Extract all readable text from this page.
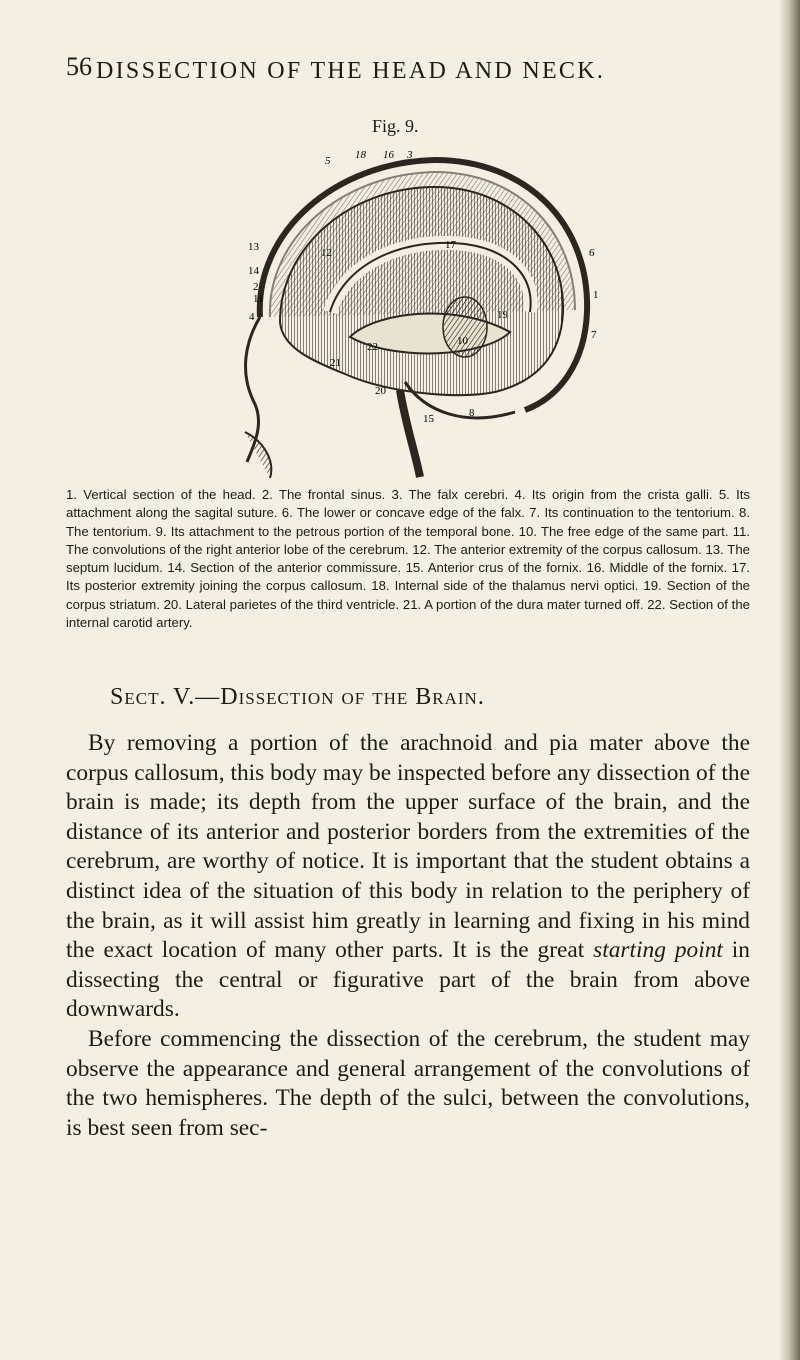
56 DISSECTION OF THE HEAD AND NECK.
Fig. 9.
5 18 16 3
13
14
2
11
4
12
17
6
1
7
10
19
22
21
20
15	8
1. Vertical section of the head. 2. The frontal sinus. 3. The falx cerebri. 4. Its origin from the crista galli. 5. Its attachment along the sagital suture. 6. The lower or concave edge of the falx. 7. Its continuation to the tentorium. 8. The tentorium. 9. Its attachment to the petrous portion of the temporal bone. 10. The free edge of the same part. 11. The convolutions of the right anterior lobe of the cerebrum. 12. The anterior extremity of the corpus callosum. 13. The septum lucidum. 14. Section of the anterior commissure. 15. Anterior crus of the fornix. 16. Middle of the fornix. 17. Its posterior extremity joining the corpus callosum. 18. Internal side of the thalamus nervi optici. 19. Section of the corpus striatum. 20. Lateral parietes of the third ventricle. 21. A portion of the dura mater turned off. 22. Section of the internal carotid artery.
Sect. V.—Dissection of the Brain.

By removing a portion of the arachnoid and pia mater above the corpus callosum, this body may be inspected before any dissection of the brain is made; its depth from the upper surface of the brain, and the distance of its anterior and posterior borders from the extremities of the cerebrum, are worthy of notice. It is important that the student obtains a distinct idea of the situation of this body in relation to the periphery of the brain, as it will assist him greatly in learning and fixing in his mind the exact location of many other parts. It is the great starting point in dissecting the central or figurative part of the brain from above downwards.

Before commencing the dissection of the cerebrum, the student may observe the appearance and general arrangement of the convolutions of the two hemispheres. The depth of the sulci, between the convolutions, is best seen from sec-
